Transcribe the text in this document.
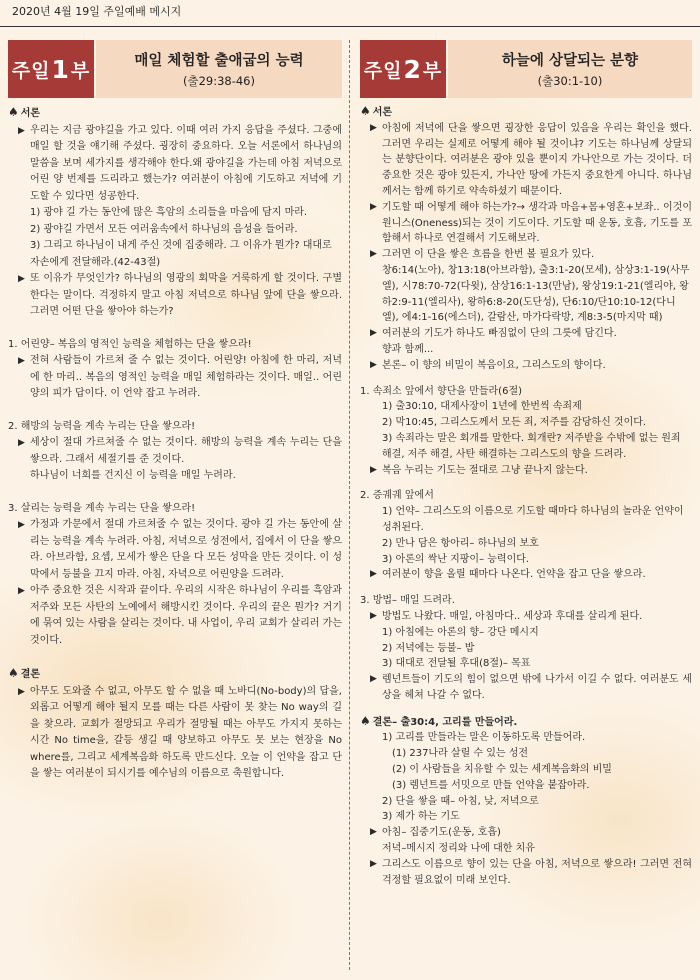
2020년 4월 19일 주일예배 메시지
주일 1 부	매일 체험할 출애굽의 능력
(출29:38-46)
♠ 서론
▶ 우리는 지금 광야길을 가고 있다. 이때 여러 가지 응답을 주셨다. 그중에 매일 할 것을 얘기해 주셨다. 굉장히 중요하다. 오늘 서론에서 하나님의 말씀을 보며 세가지를 생각해야 한다.왜 광야길을 가는데 아침 저녁으로 어린 양 번제를 드리라고 했는가? 여러분이 아침에 기도하고 저녁에 기도할 수 있다면 성공한다.
1) 광야 길 가는 동안에 많은 흑암의 소리들을 마음에 담지 마라.
2) 광야길 가면서 모든 여러움속에서 하나님의 음성을 들어라.
3) 그리고 하나님이 내게 주신 것에 집중해라. 그 이유가 뭔가? 대대로 자손에게 전달해라.(42-43절)
▶ 또 이유가 무엇인가? 하나님의 영광의 회막을 거룩하게 할 것이다. 구별한다는 말이다. 걱정하지 말고 아침 저녁으로 하나님 앞에 단을 쌓으라. 그러면 어떤 단을 쌓아야 하는가?
1. 어린양– 복음의 영적인 능력을 체험하는 단을 쌓으라!
▶ 전혀 사람들이 가르쳐 줄 수 없는 것이다. 어린양! 아침에 한 마리, 저녁에 한 마리.. 복음의 영적인 능력을 매일 체험하라는 것이다. 매일.. 어린양의 피가 답이다. 이 언약 잡고 누려라.
2. 해방의 능력을 계속 누리는 단을 쌓으라!
▶ 세상이 절대 가르쳐줄 수 없는 것이다. 해방의 능력을 계속 누리는 단을 쌓으라. 그래서 세절기를 준 것이다.
하나님이 너희를 건지신 이 능력을 매일 누려라.
3. 살리는 능력을 계속 누리는 단을 쌓으라!
▶ 가정과 가문에서 절대 가르쳐줄 수 없는 것이다. 광야 길 가는 동안에 살리는 능력을 계속 누려라. 아침, 저녁으로 성전에서, 집에서 이 단을 쌓으라. 아브라함, 요셉, 모세가 쌓은 단을 다 모든 성막을 만든 것이다. 이 성막에서 등불을 끄지 마라. 아침, 자녁으로 어린양을 드려라.
▶ 아주 중요한 것은 시작과 끝이다. 우리의 시작은 하나님이 우리를 흑암과 저주와 모든 사탄의 노예에서 해방시킨 것이다. 우리의 끝은 뭔가? 거기에 묶여 있는 사람을 살리는 것이다. 내 사업이, 우리 교회가 살리러 가는 것이다.
♠ 결론
▶ 아무도 도와줄 수 없고, 아무도 할 수 없을 때 노바디(No-body)의 답을, 외롭고 어떻게 해야 될지 모를 때는 다른 사람이 못 찾는 No way의 길을 찾으라. 교회가 절망되고 우리가 절망될 때는 아무도 가지지 못하는 시간 No time을, 갈등 생길 때 양보하고 아무도 못 보는 현장을 No where를, 그리고 세계복음화 하도록 만드신다. 오늘 이 언약을 잡고 단을 쌓는 여러분이 되시기를 예수님의 이름으로 축원합니다.
주일 2 부	하늘에 상달되는 분향
(출30:1-10)
♠ 서론
▶ 아침에 저녁에 단을 쌓으면 굉장한 응답이 있음을 우리는 확인을 했다. 그러면 우리는 실제로 어떻게 해야 될 것이냐? 기도는 하나님께 상달되는 분향단이다. 여러분은 광야 있을 뿐이지 가나안으로 가는 것이다. 더 중요한 것은 광야 있든지, 가나안 땅에 가든지 중요한게 아니다. 하나님께서는 함께 하기로 약속하셨기 때문이다.
▶ 기도할 때 어떻게 해야 하는가?→ 생각과 마음+몸+영혼+보좌.. 이것이 원니스(Oneness)되는 것이 기도이다. 기도할 때 운동, 호흡, 기도를 포함해서 하나로 연결해서 기도해보라.
▶ 그러면 이 단을 쌓은 흐름을 한번 볼 필요가 있다.
창6:14(노아), 창13:18(아브라함), 출3:1-20(모세), 삼상3:1-19(사무엘), 시78:70-72(다윗), 삼상16:1-13(만남), 왕상19:1-21(엘리야, 왕하2:9-11(엘리사), 왕하6:8-20(도단성), 단6:10/단10:10-12(다니엘), 에4:1-16(에스더), 갈람산, 마가다락방, 계8:3-5(마지막 때)
▶ 여러분의 기도가 하나도 빠짐없이 단의 그릇에 담긴다.
향과 함께...
▶ 본론– 이 향의 비밀이 복음이요, 그리스도의 향이다.
1. 속죄소 앞에서 향단을 만들라(6절)
1) 출30:10, 대제사장이 1년에 한번씩 속죄제
2) 막10:45, 그리스도께서 모든 죄, 저주를 감당하신 것이다.
3) 속죄라는 말은 회개를 말한다. 회개란? 저주받을 수밖에 없는 원죄 해결, 저주 해결, 사탄 해결하는 그리스도의 향을 드려라.
▶ 복음 누리는 기도는 절대로 그냥 끝나지 않는다.
2. 증궤궤 앞에서
1) 언약– 그리스도의 이름으로 기도할 때마다 하나님의 놀라운 언약이 성취된다.
2) 만나 담은 항아리– 하나님의 보호
3) 아론의 싹난 지팡이– 능력이다.
▶ 여러분이 향을 올릴 때마다 나온다. 언약을 잡고 단을 쌓으라.
3. 방법– 매일 드려라.
▶ 방법도 나왔다. 매일, 아침마다.. 세상과 후대를 살리게 된다.
1) 아침에는 아론의 향– 강단 메시지
2) 저녁에는 등불– 밥
3) 대대로 전달될 후대(8절)– 목표
▶ 렘넌트들이 기도의 힘이 없으면 밖에 나가서 이길 수 없다. 여러분도 세상을 헤쳐 나갈 수 없다.
♠ 결론– 출30:4, 고리를 만들어라.
1) 고리를 만들라는 말은 이동하도록 만들어라.
(1) 237나라 살릴 수 있는 성전
(2) 이 사람들을 치유할 수 있는 세계복음화의 비밀
(3) 렘넌트를 서밋으로 만들 언약을 붙잡아라.
2) 단을 쌓을 때– 아침, 낮, 저녁으로
3) 제가 하는 기도
▶ 아침– 집중기도(운동, 호흡)
저녁–메시지 정리와 나에 대한 치유
▶ 그리스도 이름으로 향이 있는 단을 아침, 저녁으로 쌓으라! 그러면 전혀 걱정할 필요없이 미래 보인다.
